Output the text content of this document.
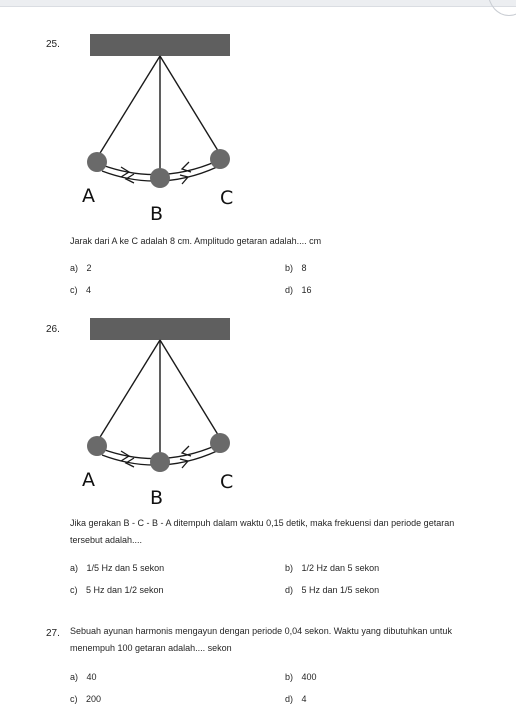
25.
A
B
C
Jarak dari A ke C adalah 8 cm. Amplitudo getaran adalah.... cm
a) 2	b) 8
c) 4	d) 16
26.
A
B
C
Jika gerakan B - C - B - A ditempuh dalam waktu 0,15 detik, maka frekuensi dan periode getaran tersebut adalah....
a) 1/5 Hz dan 5 sekon	b) 1/2 Hz dan 5 sekon
c) 5 Hz dan 1/2 sekon	d) 5 Hz dan 1/5 sekon
27. Sebuah ayunan harmonis mengayun dengan periode 0,04 sekon. Waktu yang dibutuhkan untuk menempuh 100 getaran adalah.... sekon
a) 40	b) 400
c) 200	d) 4
